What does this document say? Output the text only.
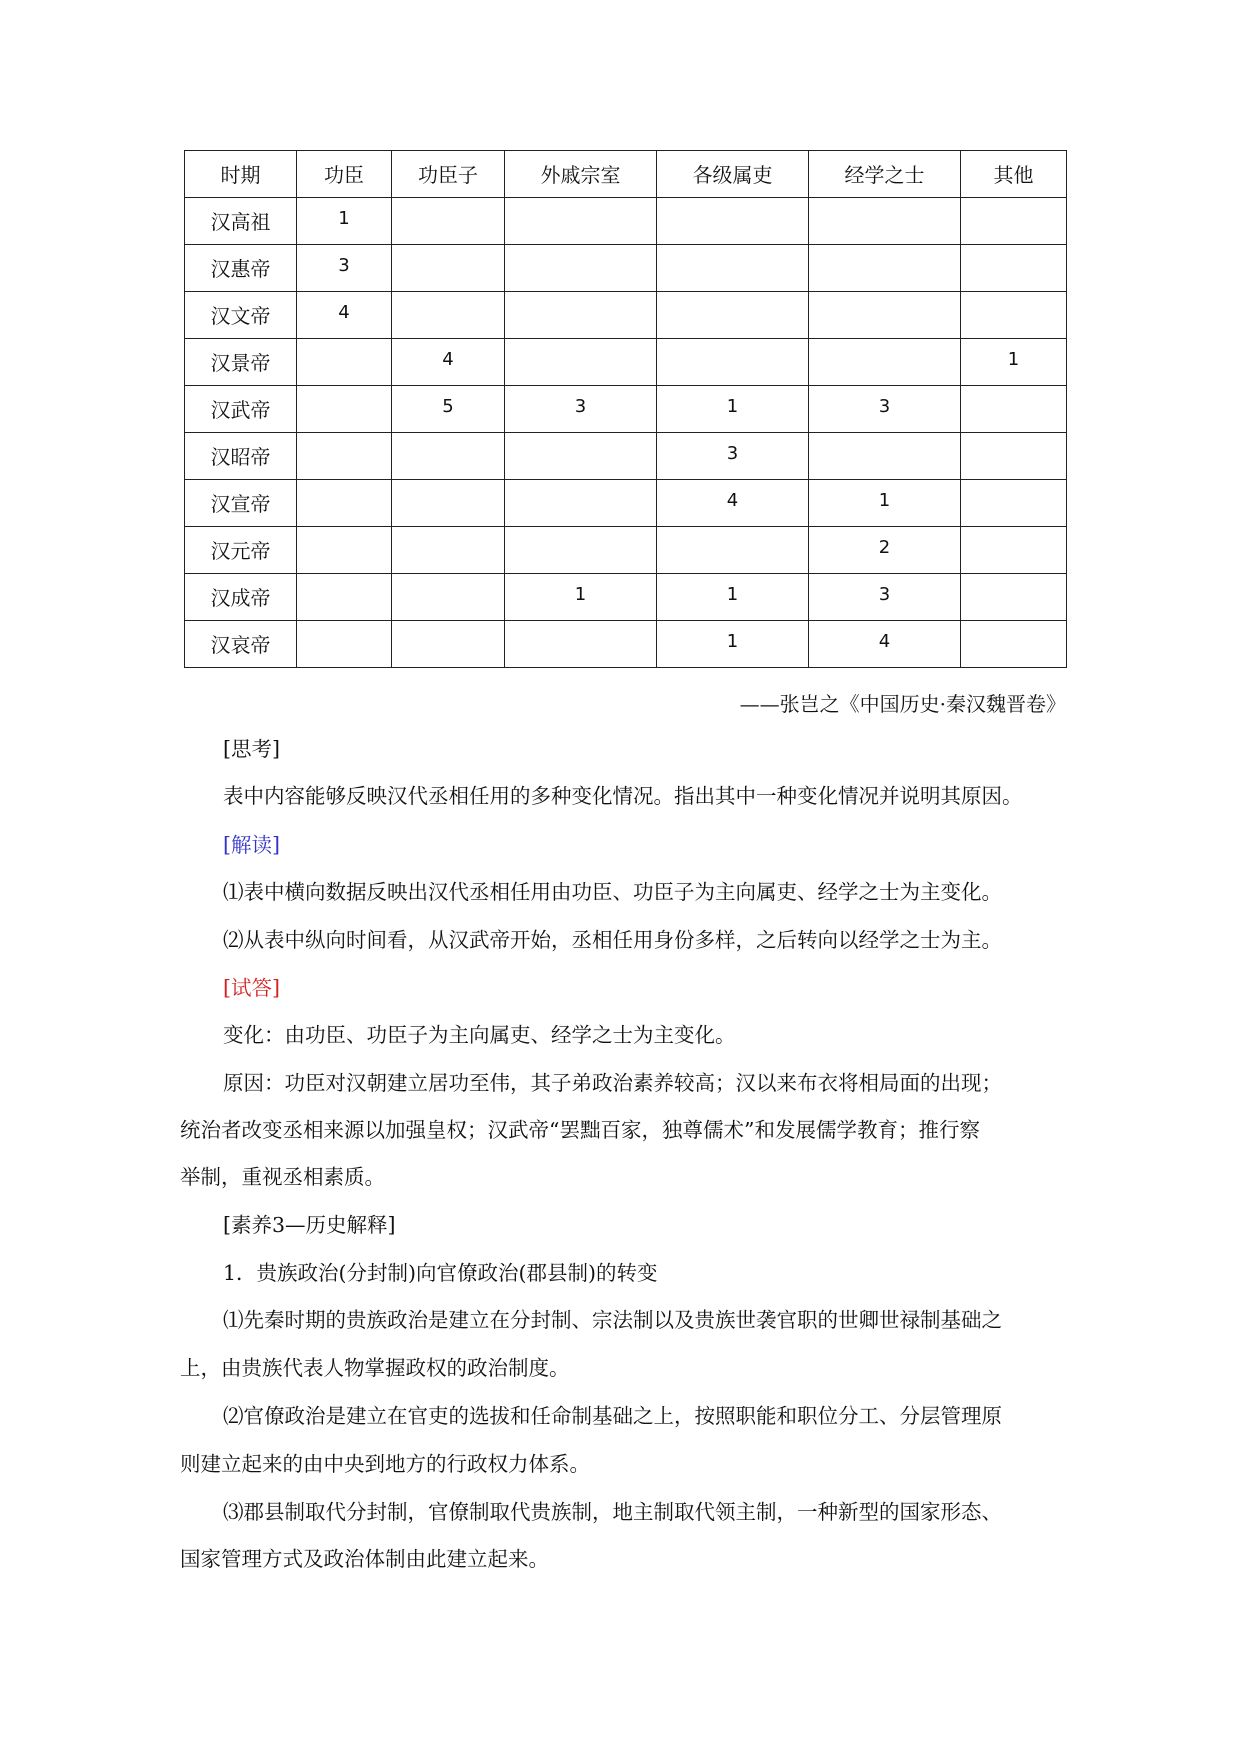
时期	功臣	功臣子	外戚宗室	各级属吏	经学之士	其他
汉高祖	1					
汉惠帝	3					
汉文帝	4					
汉景帝		4				1
汉武帝		5	3	1	3	
汉昭帝				3		
汉宣帝				4	1	
汉元帝					2	
汉成帝			1	1	3	
汉哀帝				1	4	
——张岂之《中国历史·秦汉魏晋卷》

[思考]

表中内容能够反映汉代丞相任用的多种变化情况。指出其中一种变化情况并说明其原因。

[解读]

⑴表中横向数据反映出汉代丞相任用由功臣、功臣子为主向属吏、经学之士为主变化。

⑵从表中纵向时间看，从汉武帝开始，丞相任用身份多样，之后转向以经学之士为主。

[试答]

变化：由功臣、功臣子为主向属吏、经学之士为主变化。

原因：功臣对汉朝建立居功至伟，其子弟政治素养较高；汉以来布衣将相局面的出现；

统治者改变丞相来源以加强皇权；汉武帝“罢黜百家，独尊儒术”和发展儒学教育；推行察

举制，重视丞相素质。

[素养3—历史解释]

1．贵族政治(分封制)向官僚政治(郡县制)的转变

⑴先秦时期的贵族政治是建立在分封制、宗法制以及贵族世袭官职的世卿世禄制基础之

上，由贵族代表人物掌握政权的政治制度。

⑵官僚政治是建立在官吏的选拔和任命制基础之上，按照职能和职位分工、分层管理原

则建立起来的由中央到地方的行政权力体系。

⑶郡县制取代分封制，官僚制取代贵族制，地主制取代领主制，一种新型的国家形态、

国家管理方式及政治体制由此建立起来。
